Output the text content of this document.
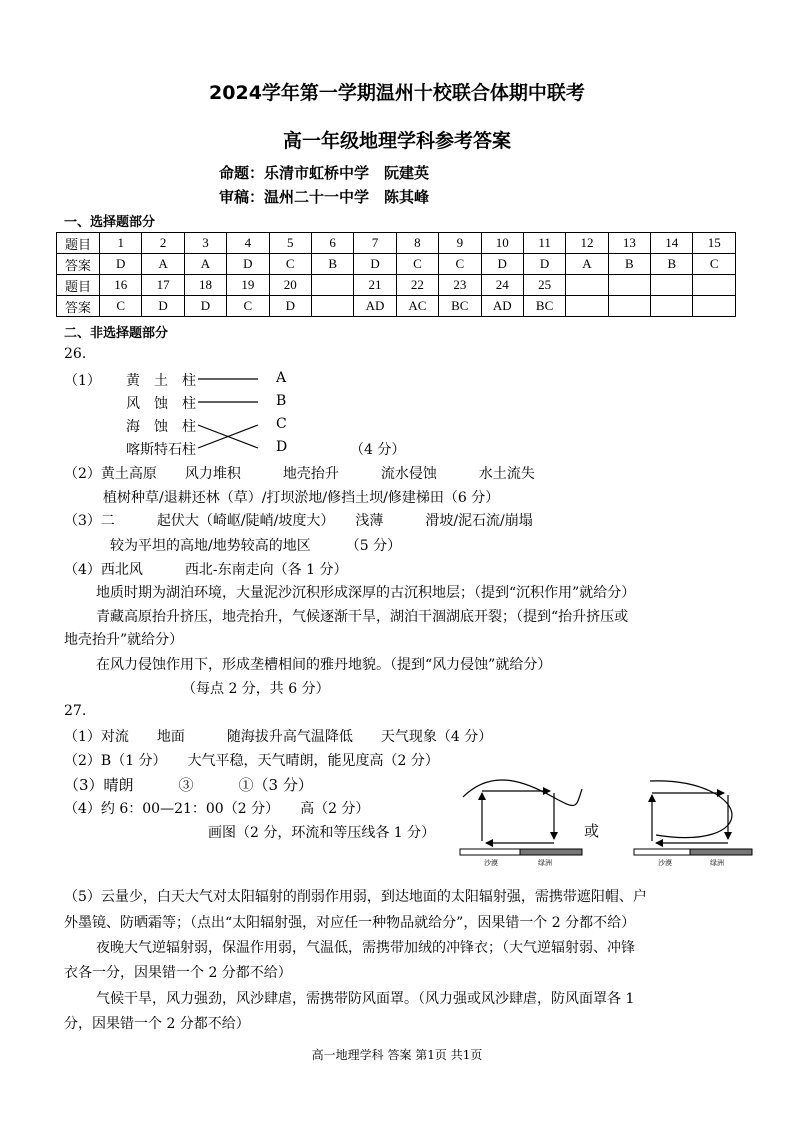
2024学年第一学期温州十校联合体期中联考
高一年级地理学科参考答案
命题：乐清市虹桥中学　阮建英
审稿：温州二十一中学　陈其峰
一、选择题部分
题目	1	2	3	4	5	6	7	8	9	10	11	12	13	14	15
答案	D	A	A	D	C	B	D	C	C	D	D	A	B	B	C
题目	16	17	18	19	20		21	22	23	24	25				
答案	C	D	D	C	D		AD	AC	BC	AD	BC				
二、非选择题部分
26.
（1）	黄　土　柱
风　蚀　柱
海　蚀　柱
喀斯特石柱
A
B
C
D	（4 分）
（2）黄土高原　　风力堆积　　　地壳抬升　　　流水侵蚀　　　水土流失
植树种草/退耕还林（草）/打坝淤地/修挡土坝/修建梯田（6 分）
（3）二　　　起伏大（崎岖/陡峭/坡度大）　　浅薄　　　滑坡/泥石流/崩塌
较为平坦的高地/地势较高的地区　　　（5 分）
（4）西北风　　　西北-东南走向（各 1 分）
地质时期为湖泊环境，大量泥沙沉积形成深厚的古沉积地层；（提到“沉积作用”就给分）
青藏高原抬升挤压，地壳抬升，气候逐渐干旱，湖泊干涸湖底开裂；（提到“抬升挤压或
地壳抬升”就给分）
在风力侵蚀作用下，形成垄槽相间的雅丹地貌。（提到“风力侵蚀”就给分）
（每点 2 分，共 6 分）
27.
（1）对流　　地面　　　随海拔升高气温降低　　天气现象（4 分）
（2）B（1 分）　　大气平稳，天气晴朗，能见度高（2 分）
（3）晴朗　　　③　　　①（3 分）
（4）约 6：00—21：00（2 分）　　高（2 分）
画图（2 分，环流和等压线各 1 分）
沙漠	绿洲
或
沙漠	绿洲
（5）云量少，白天大气对太阳辐射的削弱作用弱，到达地面的太阳辐射强，需携带遮阳帽、户
外墨镜、防晒霜等；（点出“太阳辐射强，对应任一种物品就给分”，因果错一个 2 分都不给）
夜晚大气逆辐射弱，保温作用弱，气温低，需携带加绒的冲锋衣；（大气逆辐射弱、冲锋
衣各一分，因果错一个 2 分都不给）
气候干旱，风力强劲，风沙肆虐，需携带防风面罩。（风力强或风沙肆虐，防风面罩各 1
分，因果错一个 2 分都不给）
高一地理学科 答案 第1页 共1页
